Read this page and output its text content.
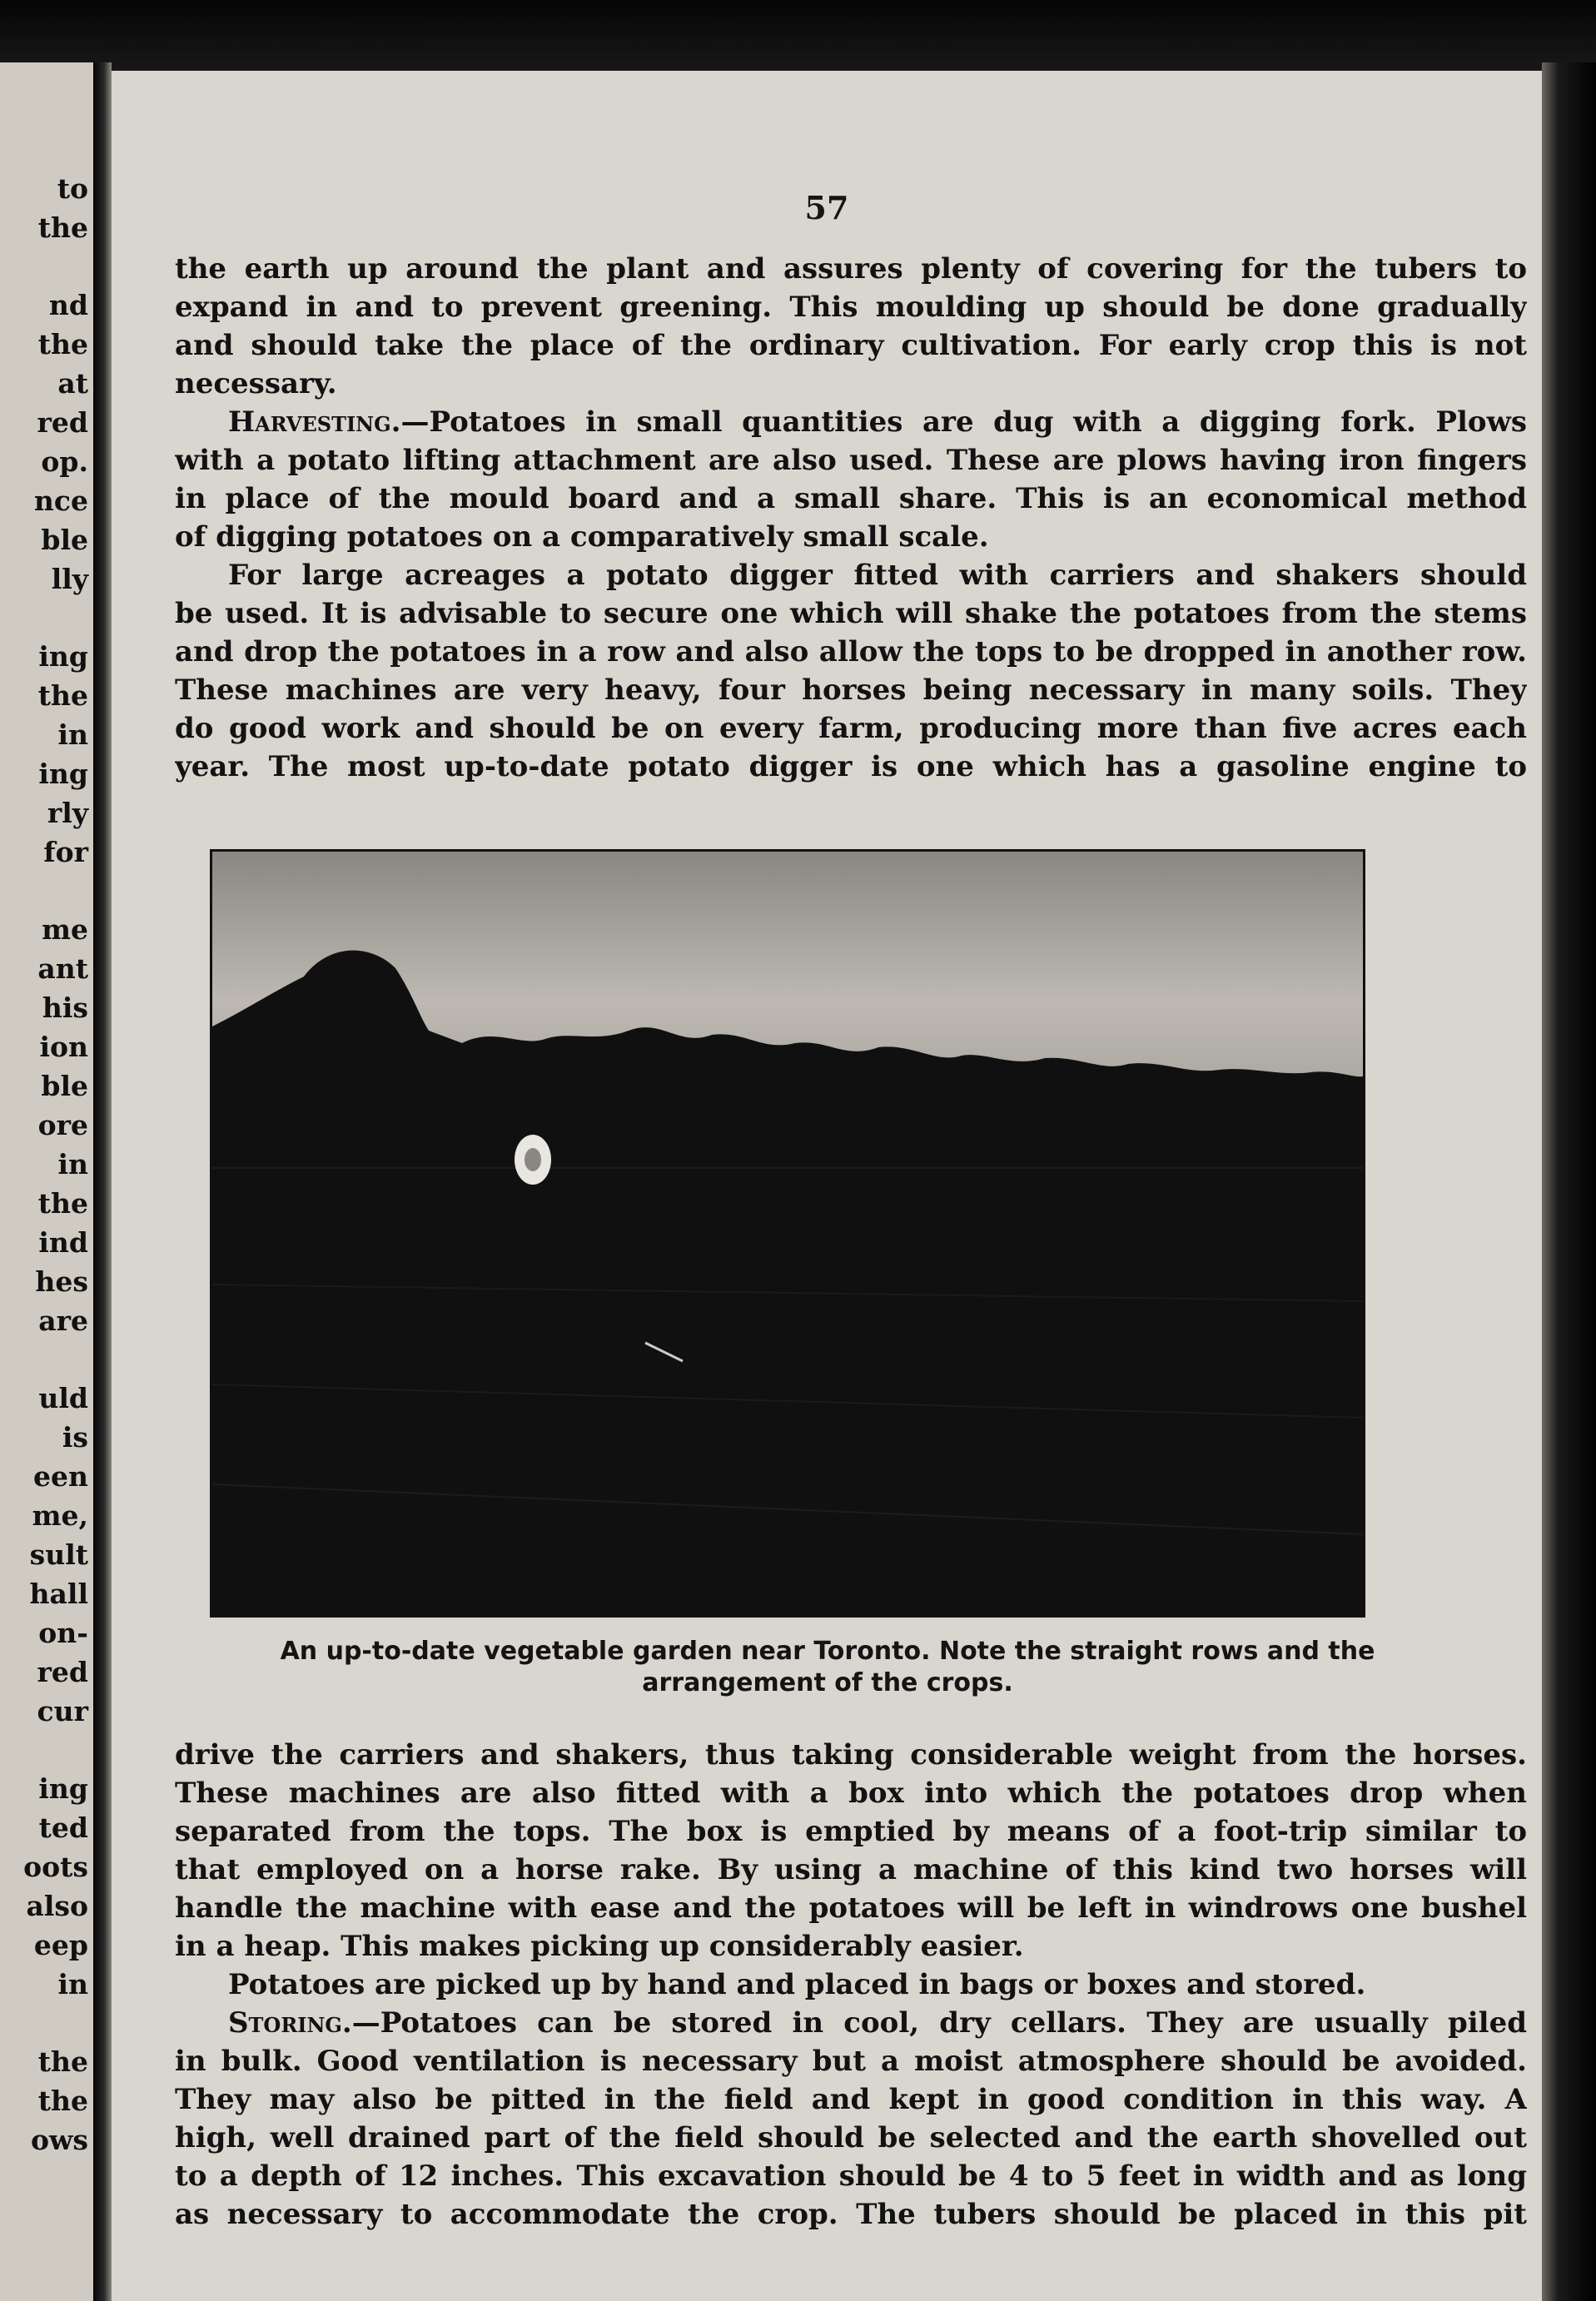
to
the
nd
the
at
red
op.
nce
ble
lly
ing
the
in
ing
rly
for
me
ant
his
ion
ble
ore
in
the
ind
hes
are
uld
is
een
me,
sult
hall
on-
red
cur
ing
ted
oots
also
eep
in
the
the
ows
57
the earth up around the plant and assures plenty of covering for the tubers to
expand in and to prevent greening. This moulding up should be done gradually
and should take the place of the ordinary cultivation. For early crop this is not
necessary.
Harvesting.—Potatoes in small quantities are dug with a digging fork. Plows
with a potato lifting attachment are also used. These are plows having iron fingers
in place of the mould board and a small share. This is an economical method
of digging potatoes on a comparatively small scale.
For large acreages a potato digger fitted with carriers and shakers should
be used. It is advisable to secure one which will shake the potatoes from the stems
and drop the potatoes in a row and also allow the tops to be dropped in another row.
These machines are very heavy, four horses being necessary in many soils. They
do good work and should be on every farm, producing more than five acres each
year. The most up-to-date potato digger is one which has a gasoline engine to
An up-to-date vegetable garden near Toronto. Note the straight rows and the
arrangement of the crops.
drive the carriers and shakers, thus taking considerable weight from the horses.
These machines are also fitted with a box into which the potatoes drop when
separated from the tops. The box is emptied by means of a foot-trip similar to
that employed on a horse rake. By using a machine of this kind two horses will
handle the machine with ease and the potatoes will be left in windrows one bushel
in a heap. This makes picking up considerably easier.
Potatoes are picked up by hand and placed in bags or boxes and stored.
Storing.—Potatoes can be stored in cool, dry cellars. They are usually piled
in bulk. Good ventilation is necessary but a moist atmosphere should be avoided.
They may also be pitted in the field and kept in good condition in this way. A
high, well drained part of the field should be selected and the earth shovelled out
to a depth of 12 inches. This excavation should be 4 to 5 feet in width and as long
as necessary to accommodate the crop. The tubers should be placed in this pit
